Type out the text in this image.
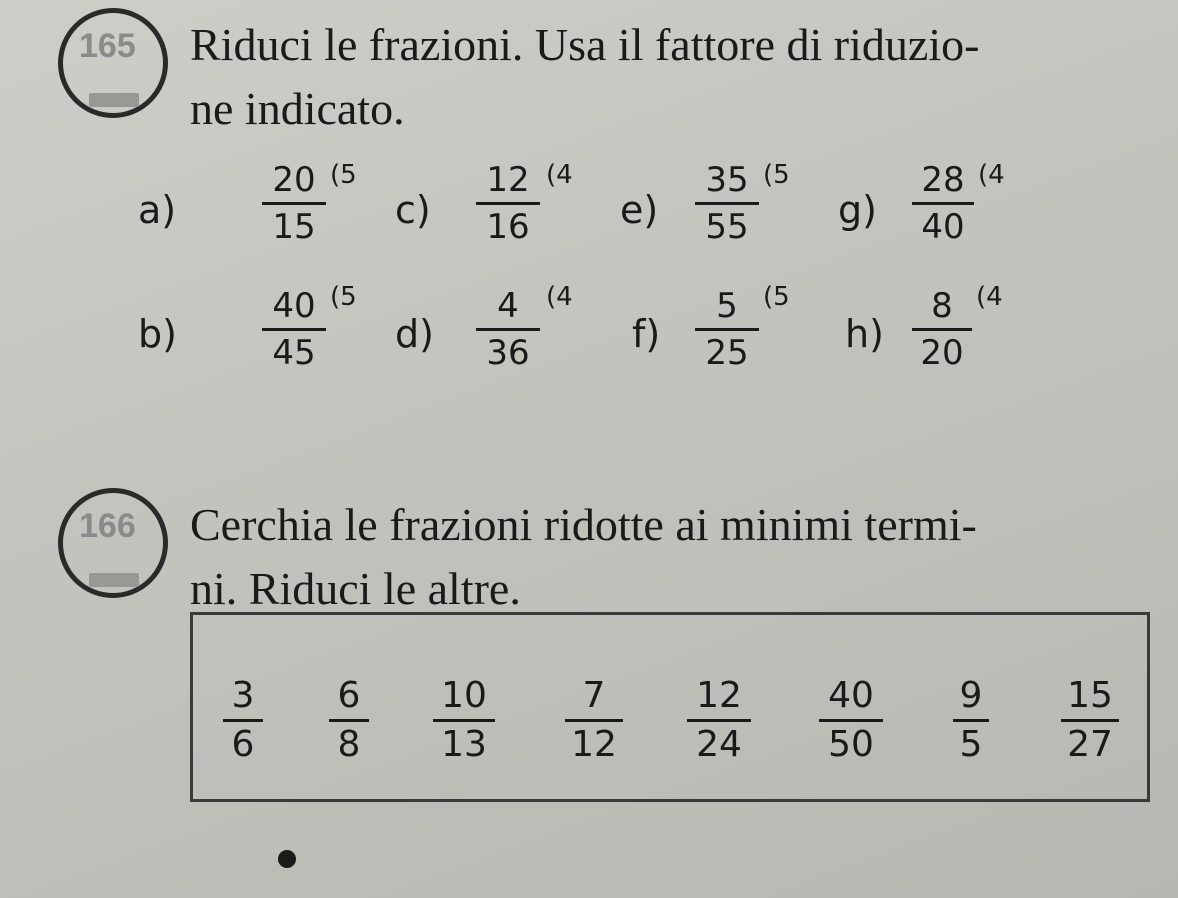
165 Riduci le frazioni. Usa il fattore di riduzio-
ne indicato.
a)
20
15
(5
c)
12
16
(4
e)
35
55
(5
g)
28
40
(4
b)
40
45
(5
d)
4
36
(4
f)
5
25
(5
h)
8
20
(4
166 Cerchia le frazioni ridotte ai minimi termi-
ni. Riduci le altre.
3
6
6
8
10
13
7
12
12
24
40
50
9
5
15
27
